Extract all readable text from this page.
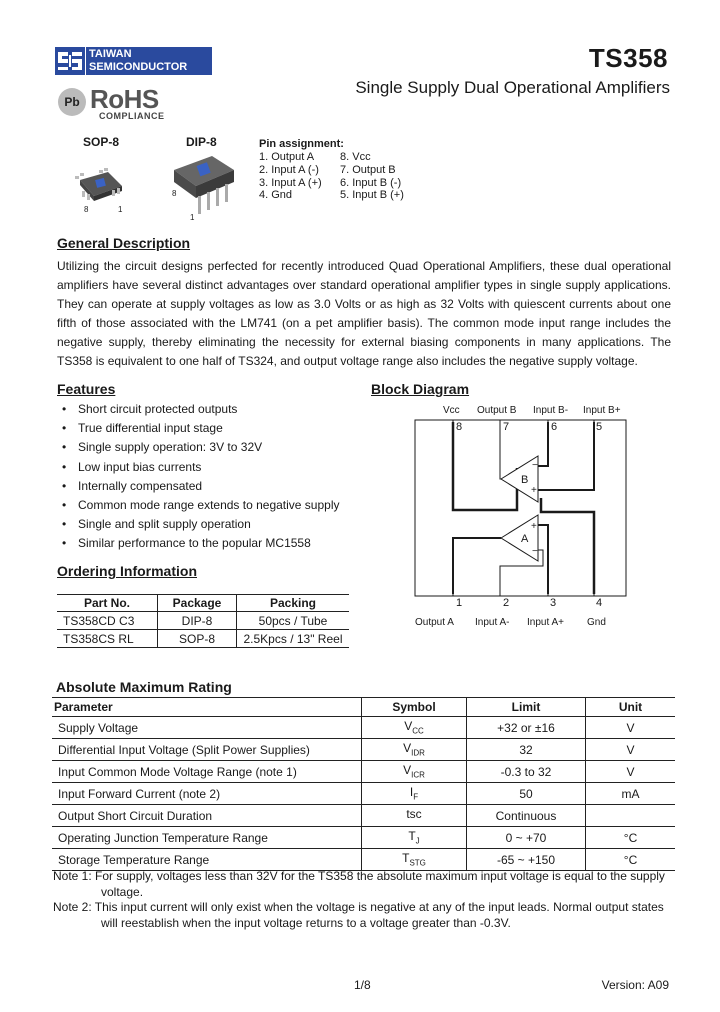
TAIWAN
SEMICONDUCTOR	TS358
Single Supply Dual Operational Amplifiers
Pb RoHS
COMPLIANCE
SOP-8	DIP-8
8	1
8
1
Pin assignment:
1. Output A
2. Input A (-)
3. Input A (+)
4. Gnd
8. Vcc
7. Output B
6. Input B (-)
5. Input B (+)
General Description
Utilizing the circuit designs perfected for recently introduced Quad Operational Amplifiers, these dual operational amplifiers have several distinct advantages over standard operational amplifier types in single supply applications. They can operate at supply voltages as low as 3.0 Volts or as high as 32 Volts with quiescent currents about one fifth of those associated with the LM741 (on a pet amplifier basis). The common mode input range includes the negative supply, thereby eliminating the necessity for external biasing components in many applications. The TS358 is equivalent to one half of TS324, and output voltage range also includes the negative supply voltage.
Features
• Short circuit protected outputs
• True differential input stage
• Single supply operation: 3V to 32V
• Low input bias currents
• Internally compensated
• Common mode range extends to negative supply
• Single and split supply operation
• Similar performance to the popular MC1558
Ordering Information
Part No.	Package	Packing
TS358CD C3	DIP-8	50pcs / Tube
TS358CS RL	SOP-8	2.5Kpcs / 13" Reel
Block Diagram
Vcc Output B Input B- Input B+
8	7	6	5
1	2	3	4
B
−
+
A
+
−
Output A Input A- Input A+ Gnd
Absolute Maximum Rating
Parameter	Symbol	Limit	Unit
Supply Voltage	$V_{CC}$	+32 or ±16	V
Differential Input Voltage (Split Power Supplies)	$V_{IDR}$	32	V
Input Common Mode Voltage Range (note 1)	$V_{ICR}$	-0.3 to 32	V
Input Forward Current (note 2)	$I_F$	50	mA
Output Short Circuit Duration	tsc	Continuous	
Operating Junction Temperature Range	$T_J$	0 ~ +70	°C
Storage Temperature Range	$T_{STG}$	-65 ~ +150	°C
Note 1: For supply, voltages less than 32V for the TS358 the absolute maximum input voltage is equal to the supply
voltage.
Note 2: This input current will only exist when the voltage is negative at any of the input leads. Normal output states
will reestablish when the input voltage returns to a voltage greater than -0.3V.
1/8	Version: A09
